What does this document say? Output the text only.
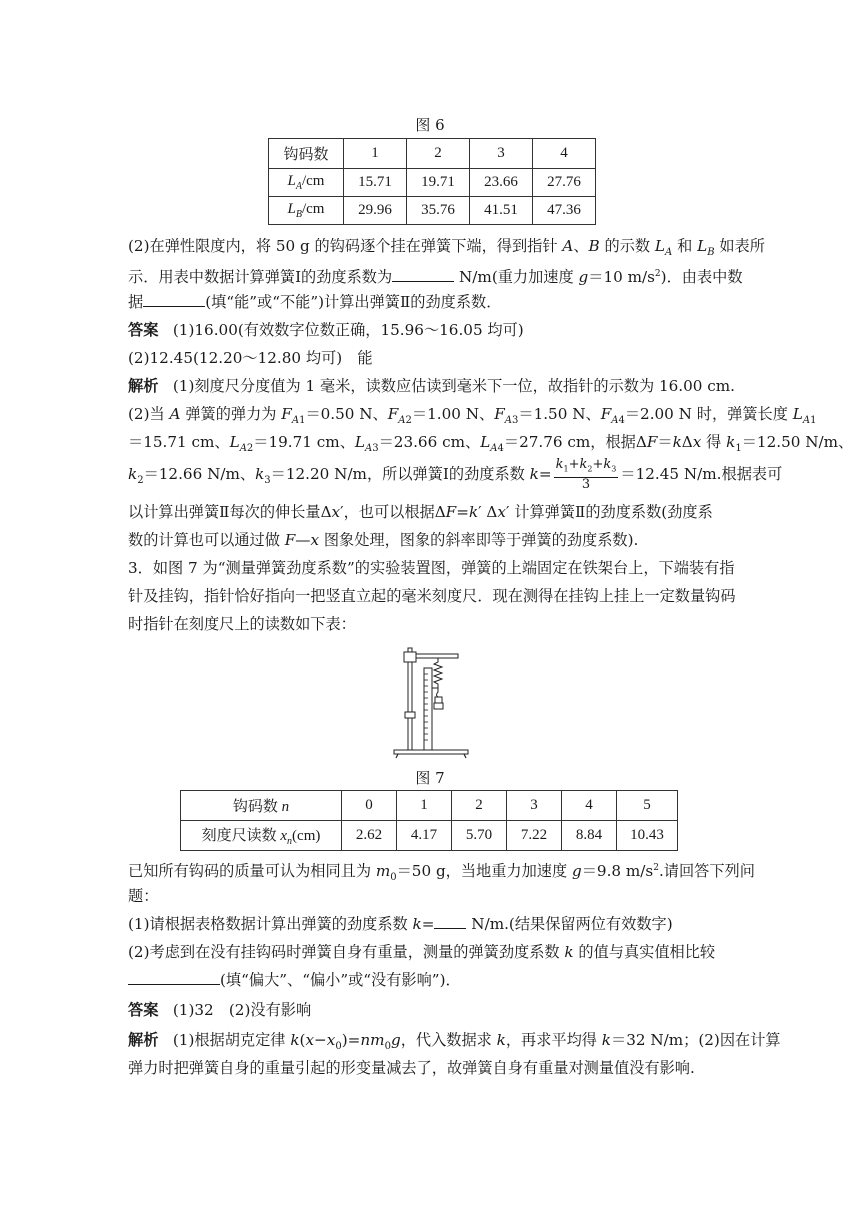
图 6
钩码数	1	2	3	4
$L_A/cm$	15.71	19.71	23.66	27.76
$L_B/cm$	29.96	35.76	41.51	47.36
(2)在弹性限度内，将 50 g 的钩码逐个挂在弹簧下端，得到指针 A、B 的示数 $L_A$ 和 $L_B$ 如表所
示．用表中数据计算弹簧Ⅰ的劲度系数为	N/m(重力加速度 g＝10 $m/s^2$)．由表中数
据	(填“能”或“不能”)计算出弹簧Ⅱ的劲度系数．
答案 (1)16.00(有效数字位数正确，15.96～16.05 均可)
(2)12.45(12.20～12.80 均可)　能
解析 (1)刻度尺分度值为 1 毫米，读数应估读到毫米下一位，故指针的示数为 16.00 cm.
(2)当 A 弹簧的弹力为 $F_{A1}=0.50$ N、$F_{A2}=1.00$ N、$F_{A3}=1.50$ N、$F_{A4}=2.00$ N 时，弹簧长度 $L_{A1}$
＝15.71 cm、$L_{A2}=19.71$ cm、$L_{A3}=23.66$ cm、$L_{A4}=27.76$ cm，根据ΔF＝kΔx 得 $k_1=12.50$ N/m、
$k_2=12.66$ N/m、$k_3=12.20$ N/m，所以弹簧Ⅰ的劲度系数 $k= \frac{k_1+k_2+k_3}{3} =12.45$ N/m.根据表可
以计算出弹簧Ⅱ每次的伸长量Δx′，也可以根据ΔF=k′ Δx′ 计算弹簧Ⅱ的劲度系数(劲度系
数的计算也可以通过做 F—x 图象处理，图象的斜率即等于弹簧的劲度系数).
3．如图 7 为“测量弹簧劲度系数”的实验装置图，弹簧的上端固定在铁架台上，下端装有指
针及挂钩，指针恰好指向一把竖直立起的毫米刻度尺．现在测得在挂钩上挂上一定数量钩码
时指针在刻度尺上的读数如下表：
图 7
钩码数 n	0	1	2	3	4	5
刻度尺读数 $x_n(cm)$	2.62	4.17	5.70	7.22	8.84	10.43
已知所有钩码的质量可认为相同且为 $m_0=50$ g，当地重力加速度 g＝9.8 $m/s^2$.请回答下列问
题：
(1)请根据表格数据计算出弹簧的劲度系数 k= N/m.(结果保留两位有效数字)
(2)考虑到在没有挂钩码时弹簧自身有重量，测量的弹簧劲度系数 k 的值与真实值相比较
(填“偏大”、“偏小”或“没有影响”)．
答案 (1)32　(2)没有影响
解析 (1)根据胡克定律 $k(x-x_0)=nm_0g$，代入数据求 k，再求平均得 k＝32 N/m；(2)因在计算
弹力时把弹簧自身的重量引起的形变量减去了，故弹簧自身有重量对测量值没有影响.
